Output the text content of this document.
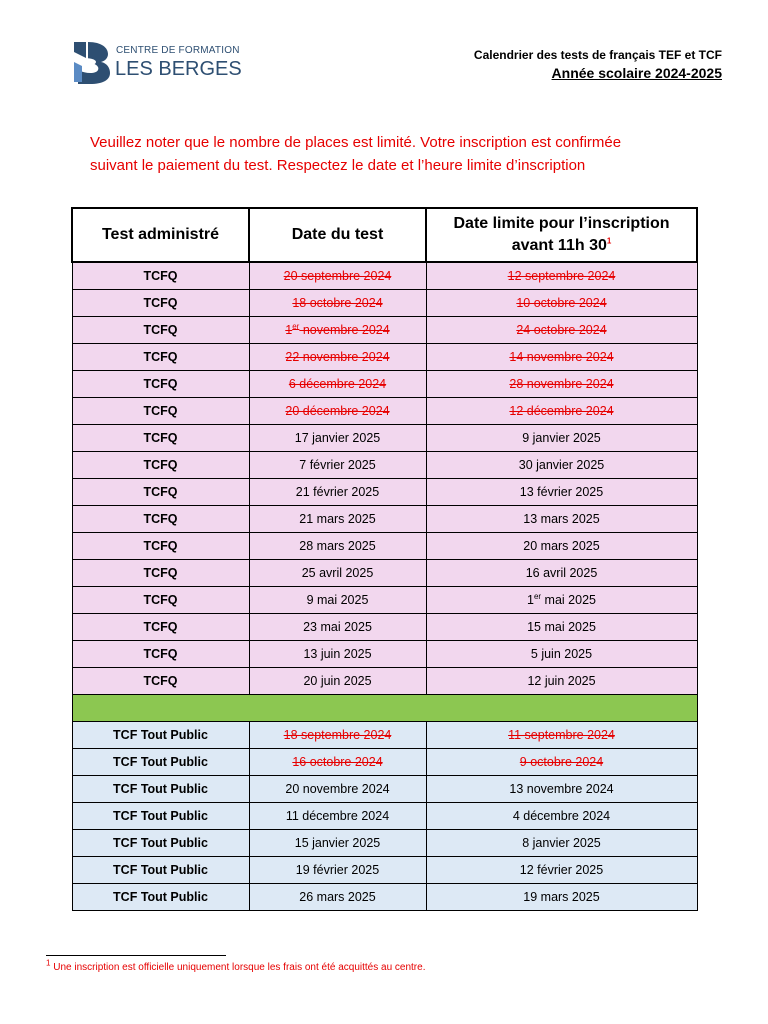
CENTRE DE FORMATION
LES BERGES
Calendrier des tests de français TEF et TCF
Année scolaire 2024-2025
Veuillez noter que le nombre de places est limité. Votre inscription est confirmée
suivant le paiement du test. Respectez le date et l’heure limite d’inscription
Test administré	Date du test	Date limite pour l’inscription
avant 11h $30^1$
TCFQ	20 septembre 2024	12 septembre 2024
TCFQ	18 octobre 2024	10 octobre 2024
TCFQ	1er novembre 2024	24 octobre 2024
TCFQ	22 novembre 2024	14 novembre 2024
TCFQ	6 décembre 2024	28 novembre 2024
TCFQ	20 décembre 2024	12 décembre 2024
TCFQ	17 janvier 2025	9 janvier 2025
TCFQ	7 février 2025	30 janvier 2025
TCFQ	21 février 2025	13 février 2025
TCFQ	21 mars 2025	13 mars 2025
TCFQ	28 mars 2025	20 mars 2025
TCFQ	25 avril 2025	16 avril 2025
TCFQ	9 mai 2025	1er mai 2025
TCFQ	23 mai 2025	15 mai 2025
TCFQ	13 juin 2025	5 juin 2025
TCFQ	20 juin 2025	12 juin 2025

TCF Tout Public	18 septembre 2024	11 septembre 2024
TCF Tout Public	16 octobre 2024	9 octobre 2024
TCF Tout Public	20 novembre 2024	13 novembre 2024
TCF Tout Public	11 décembre 2024	4 décembre 2024
TCF Tout Public	15 janvier 2025	8 janvier 2025
TCF Tout Public	19 février 2025	12 février 2025
TCF Tout Public	26 mars 2025	19 mars 2025
$^1$ Une inscription est officielle uniquement lorsque les frais ont été acquittés au centre.
